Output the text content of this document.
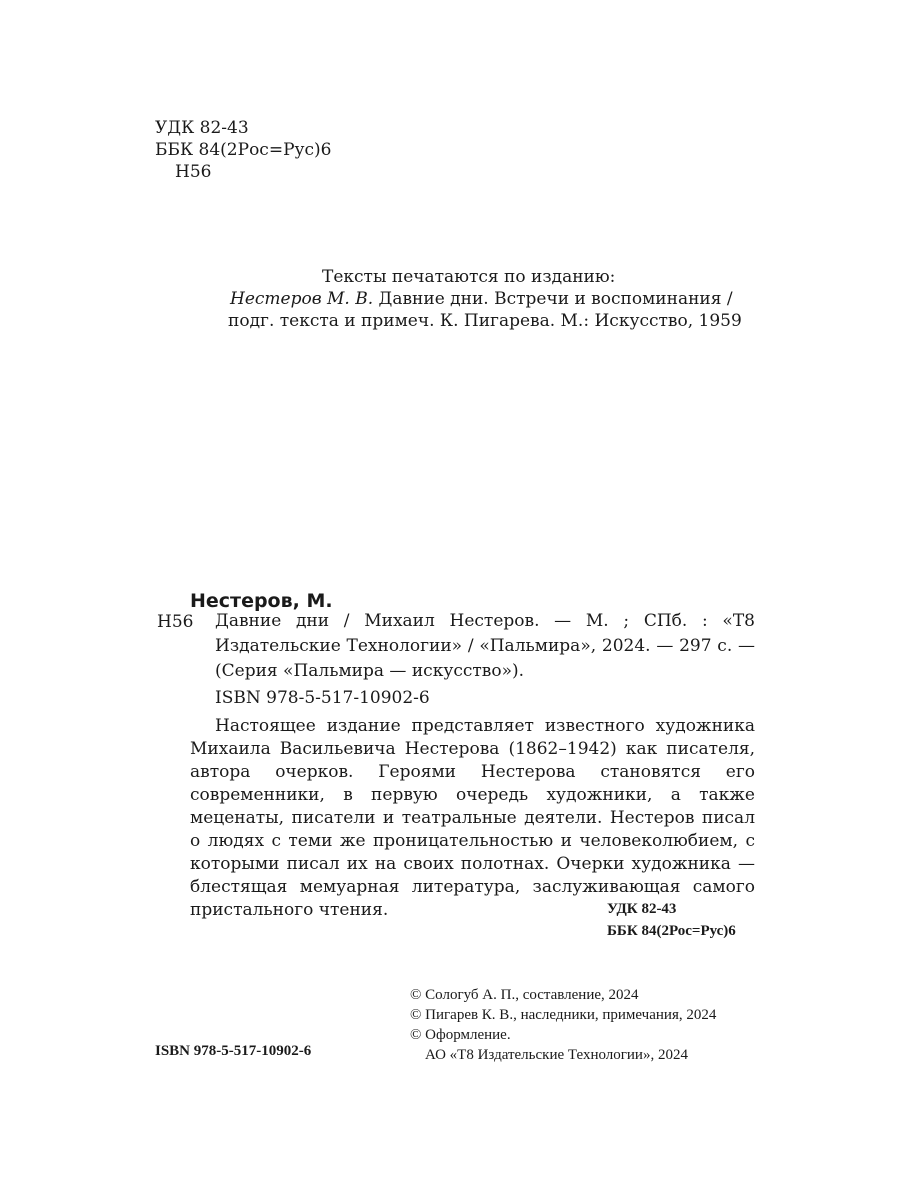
УДК 82-43
ББК 84(2Рос=Рус)6
Н56
Тексты печатаются по изданию:
Нестеров М. В. Давние дни. Встречи и воспоминания /
подг. текста и примеч. К. Пигарева. М.: Искусство, 1959
Нестеров, М.
Н56 Давние дни / Михаил Нестеров. — М. ; СПб. : «Т8 Издательские Технологии» / «Пальмира», 2024. — 297 с. — (Серия «Пальмира — искусство»).
ISBN 978-5-517-10902-6
Настоящее издание представляет известного художника Михаила Васильевича Нестерова (1862–1942) как писателя, автора очерков. Героями Нестерова становятся его современники, в первую очередь художники, а также меценаты, писатели и театральные деятели. Нестеров писал о людях с теми же проницательностью и человеколюбием, с которыми писал их на своих полотнах. Очерки художника — блестящая мемуарная литература, заслуживающая самого пристального чтения.	УДК 82-43
ББК 84(2Рос=Рус)6
© Сологуб А. П., составление, 2024
© Пигарев К. В., наследники, примечания, 2024
© Оформление.
АО «Т8 Издательские Технологии», 2024
ISBN 978-5-517-10902-6
